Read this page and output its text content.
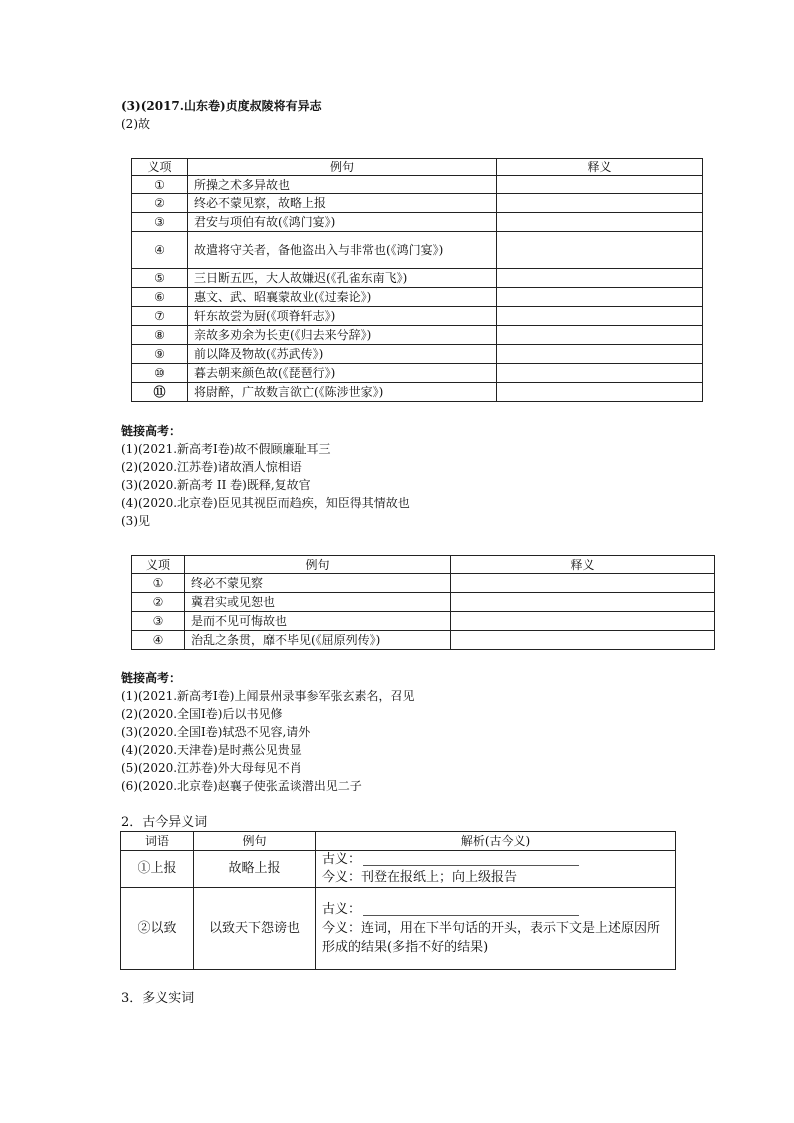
(3)(2017.山东卷)贞度叔陵将有异志
(2)故
义项	例句	释义
①	所操之术多异故也	
②	终必不蒙见察，故略上报	
③	君安与项伯有故(《鸿门宴》)	
④	故遣将守关者，备他盗出入与非常也(《鸿门宴》)	
⑤	三日断五匹，大人故嫌迟(《孔雀东南飞》)	
⑥	惠文、武、昭襄蒙故业(《过秦论》)	
⑦	轩东故尝为厨(《项脊轩志》)	
⑧	亲故多劝余为长吏(《归去来兮辞》)	
⑨	前以降及物故(《苏武传》)	
⑩	暮去朝来颜色故(《琵琶行》)	
⑪	将尉醉，广故数言欲亡(《陈涉世家》)	
链接高考：
(1)(2021.新高考Ⅰ卷)故不假顾廉耻耳三
(2)(2020.江苏卷)诸故酒人惊相语
(3)(2020.新高考 II 卷)既释,复故官
(4)(2020.北京卷)臣见其视臣而趋疾，知臣得其情故也
(3)见
义项	例句	释义
①	终必不蒙见察	
②	冀君实或见恕也	
③	是而不见可悔故也	
④	治乱之条贯，靡不毕见(《屈原列传》)	
链接高考：
(1)(2021.新高考Ⅰ卷)上闻景州录事参军张玄素名，召见
(2)(2020.全国Ⅰ卷)后以书见修
(3)(2020.全国Ⅰ卷)轼恐不见容,请外
(4)(2020.天津卷)是时燕公见贵显
(5)(2020.江苏卷)外大母每见不肖
(6)(2020.北京卷)赵襄子使张孟谈潜出见二子
2．古今异义词
词语	例句	解析(古今义)
①上报	故略上报	古义：
今义：刊登在报纸上；向上级报告

②以致	以致天下怨谤也	古义：
今义：连词，用在下半句话的开头，表示下文是上述原因所形成的结果(多指不好的结果)
3．多义实词
